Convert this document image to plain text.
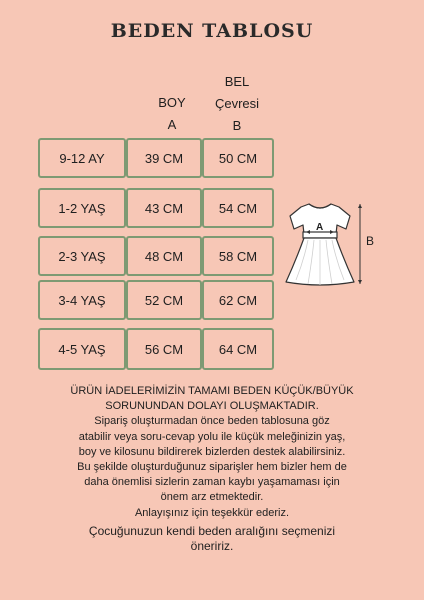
BEDEN TABLOSU
BOY
A
BEL
Çevresi
B
9-12 AY	39 CM	50 CM
1-2 YAŞ	43 CM	54 CM
2-3 YAŞ	48 CM	58 CM
3-4 YAŞ	52 CM	62 CM
4-5 YAŞ	56 CM	64 CM
A
B
ÜRÜN İADELERİMİZİN TAMAMI BEDEN KÜÇÜK/BÜYÜK
SORUNUNDAN DOLAYI OLUŞMAKTADIR.
Sipariş oluşturmadan önce beden tablosuna göz
atabilir veya soru-cevap yolu ile küçük meleğinizin yaş,
boy ve kilosunu bildirerek bizlerden destek alabilirsiniz.
Bu şekilde oluşturduğunuz siparişler hem bizler hem de
daha önemlisi sizlerin zaman kaybı yaşamaması için
önem arz etmektedir.
Anlayışınız için teşekkür ederiz.
Çocuğunuzun kendi beden aralığını seçmenizi
öneririz.
